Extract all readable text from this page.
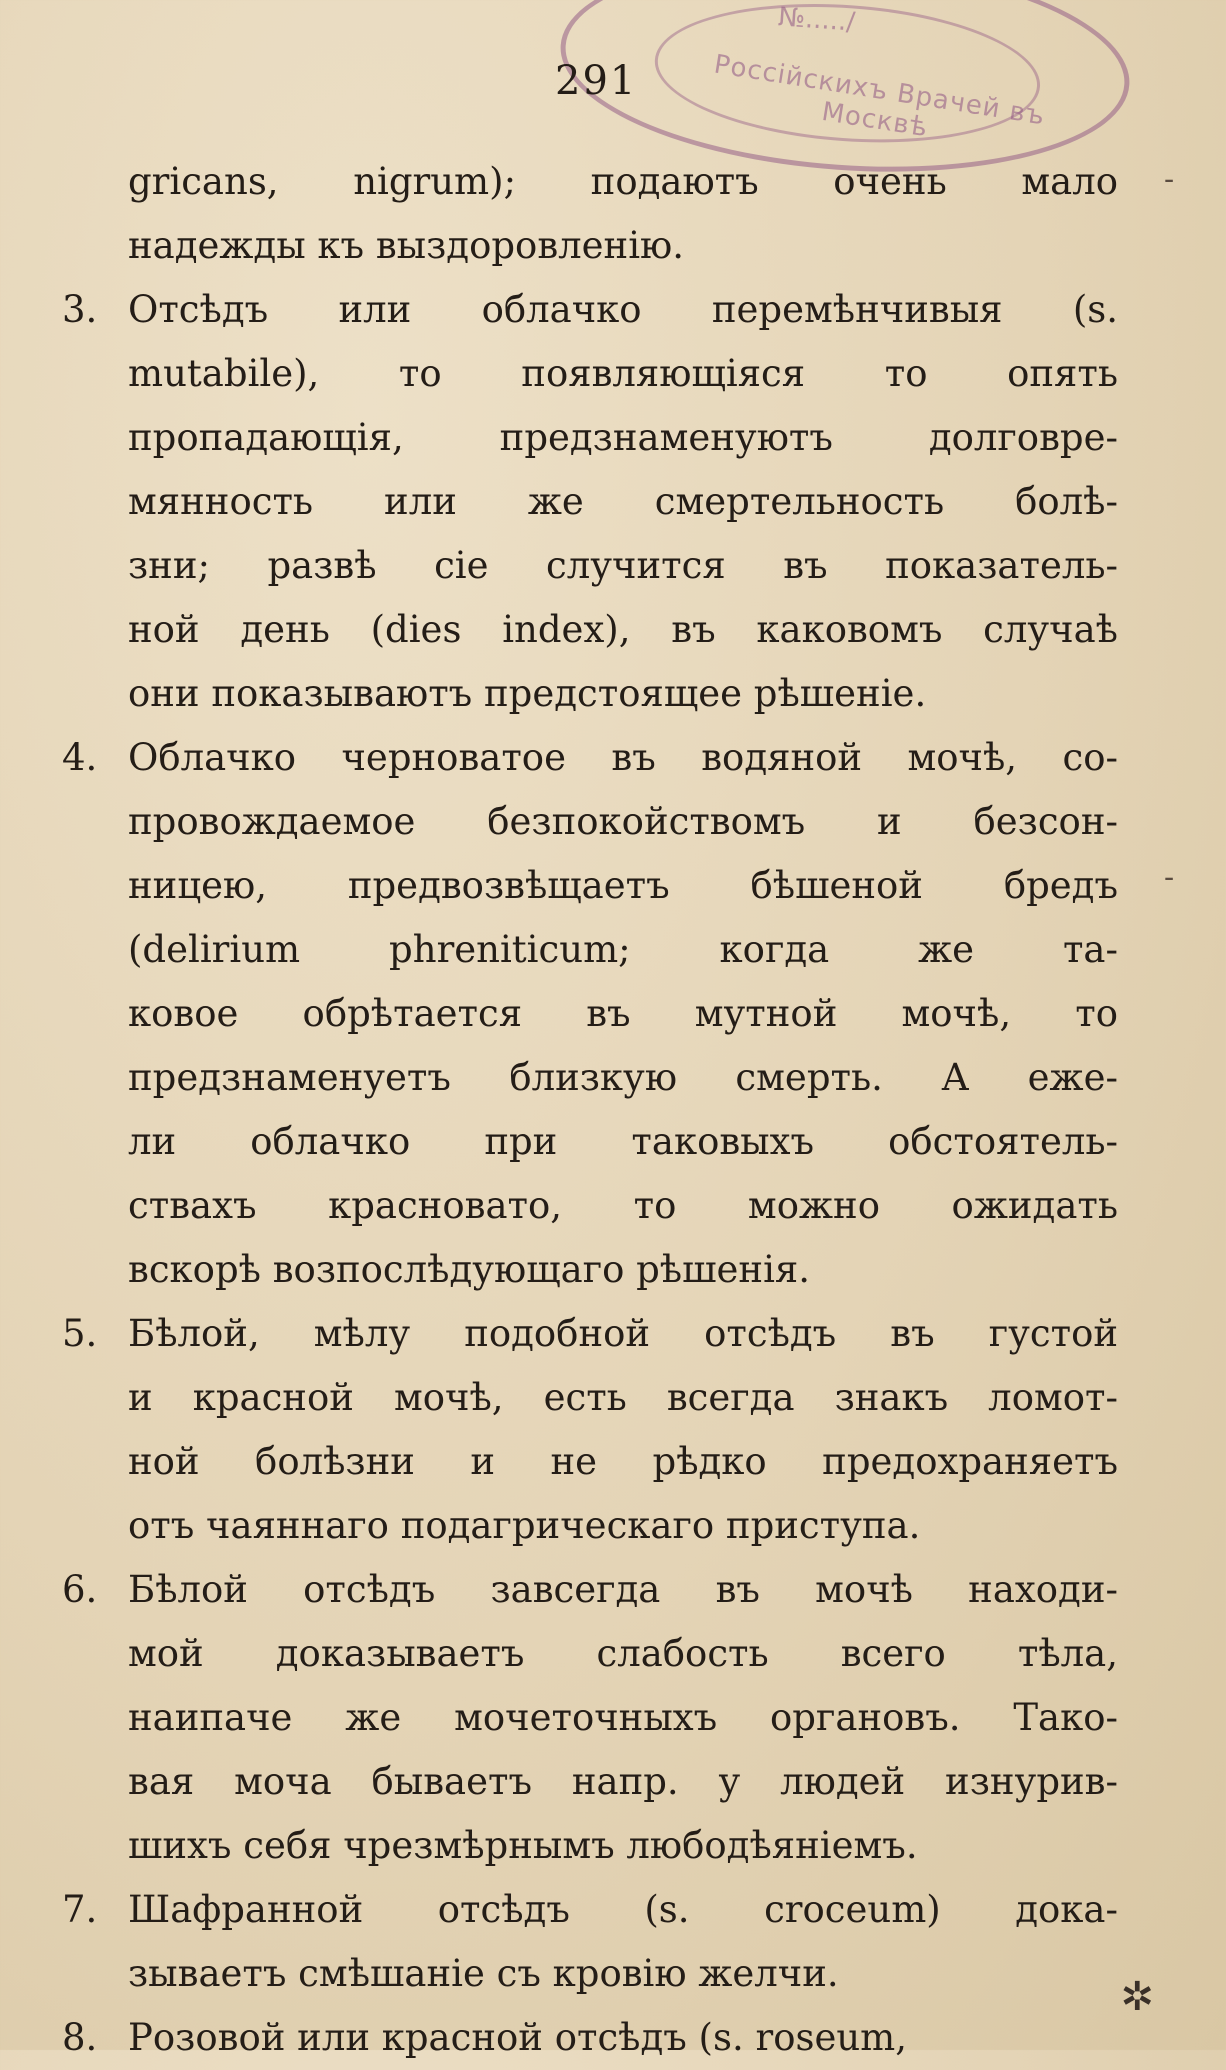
№...../
Россійскихъ Врачей въ Москвѣ
291
gricans, nigrum); подаютъ очень мало
надежды къ выздоровленію.
3. Отсѣдъ или облачко перемѣнчивыя (s.
mutabile), то появляющіяся то опять
пропадающія, предзнаменуютъ долговре-
мянность или же смертельность болѣ-
зни; развѣ сіе случится въ показатель-
ной день (dies index), въ каковомъ случаѣ
они показываютъ предстоящее рѣшеніе.
4. Облачко черноватое въ водяной мочѣ, со-
провождаемое безпокойствомъ и безсон-
ницею, предвозвѣщаетъ бѣшеной бредъ
(delirium phreniticum; когда же та-
ковое обрѣтается въ мутной мочѣ, то
предзнаменуетъ близкую смерть. А еже-
ли облачко при таковыхъ обстоятель-
ствахъ красновато, то можно ожидать
вскорѣ возпослѣдующаго рѣшенія.
5. Бѣлой, мѣлу подобной отсѣдъ въ густой
и красной мочѣ, есть всегда знакъ ломот-
ной болѣзни и не рѣдко предохраняетъ
отъ чаяннаго подагрическаго приступа.
6. Бѣлой отсѣдъ завсегда въ мочѣ находи-
мой доказываетъ слабость всего тѣла,
наипаче же мочеточныхъ органовъ. Тако-
вая моча бываетъ напр. у людей изнурив-
шихъ себя чрезмѣрнымъ любодѣяніемъ.
7. Шафранной отсѣдъ (s. croceum) дока-
зываетъ смѣшаніе съ кровію желчи.
8. Розовой или красной отсѣдъ (s. roseum,
-
-
✲
